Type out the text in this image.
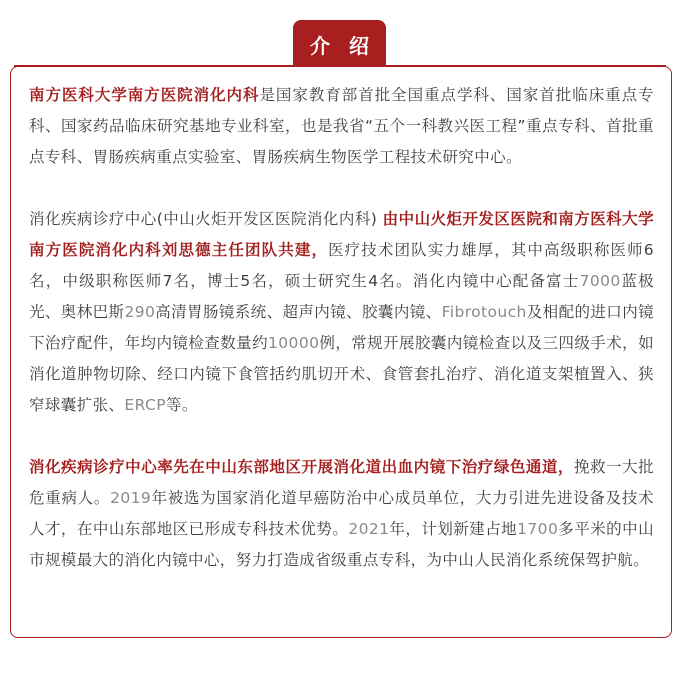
介 绍

南方医科大学南方医院消化内科是国家教育部首批全国重点学科、国家首批临床重点专科、国家药品临床研究基地专业科室，也是我省“五个一科教兴医工程”重点专科、首批重点专科、胃肠疾病重点实验室、胃肠疾病生物医学工程技术研究中心。

消化疾病诊疗中心(中山火炬开发区医院消化内科) 由中山火炬开发区医院和南方医科大学南方医院消化内科刘思德主任团队共建，医疗技术团队实力雄厚，其中高级职称医师6名，中级职称医师7名，博士5名，硕士研究生4名。消化内镜中心配备富士7000蓝极光、奥林巴斯290高清胃肠镜系统、超声内镜、胶囊内镜、Fibrotouch及相配的进口内镜下治疗配件，年均内镜检查数量约10000例，常规开展胶囊内镜检查以及三四级手术，如消化道肿物切除、经口内镜下食管括约肌切开术、食管套扎治疗、消化道支架植置入、狭窄球囊扩张、ERCP等。

消化疾病诊疗中心率先在中山东部地区开展消化道出血内镜下治疗绿色通道，挽救一大批危重病人。2019年被选为国家消化道早癌防治中心成员单位，大力引进先进设备及技术人才，在中山东部地区已形成专科技术优势。2021年，计划新建占地1700多平米的中山市规模最大的消化内镜中心，努力打造成省级重点专科，为中山人民消化系统保驾护航。
